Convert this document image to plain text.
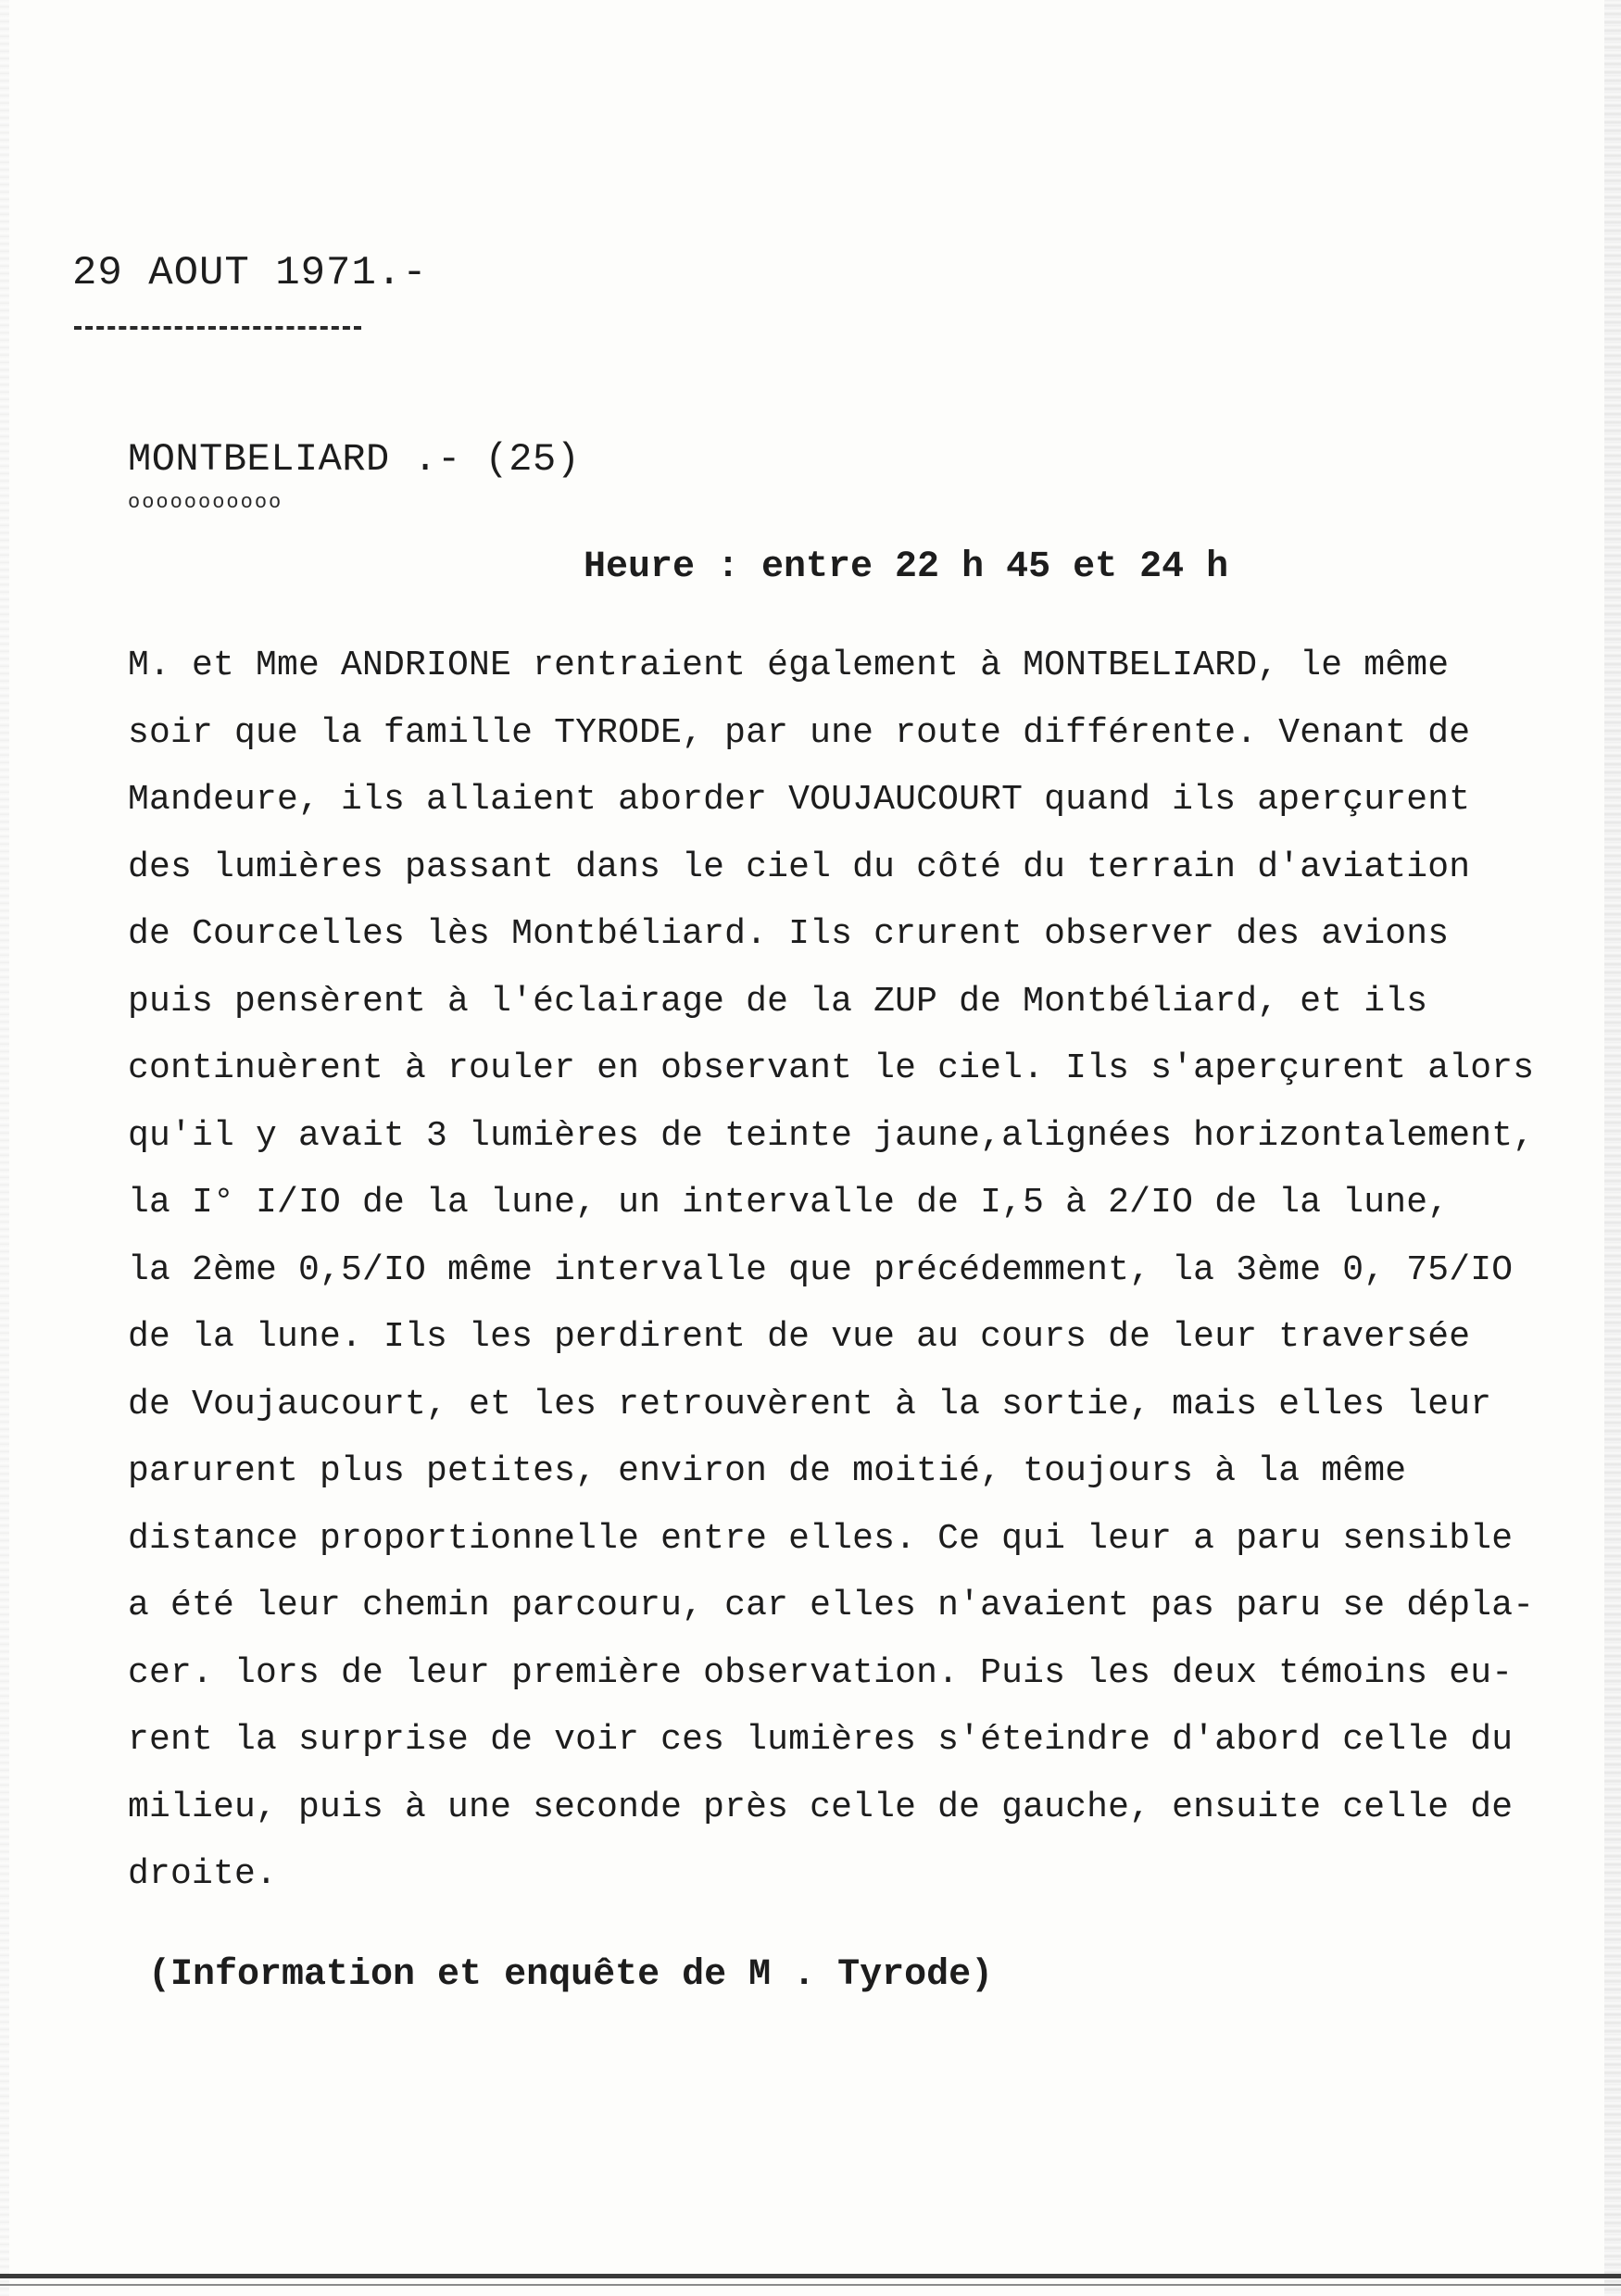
29 AOUT 1971.-
MONTBELIARD .- (25)
ooooooooooo
Heure : entre 22 h 45 et 24 h
M. et Mme ANDRIONE rentraient également à MONTBELIARD, le même
soir que la famille TYRODE, par une route différente. Venant de
Mandeure, ils allaient aborder VOUJAUCOURT quand ils aperçurent
des lumières passant dans le ciel du côté du terrain d'aviation
de Courcelles lès Montbéliard. Ils crurent observer des avions
puis pensèrent à l'éclairage de la ZUP de Montbéliard, et ils
continuèrent à rouler en observant le ciel. Ils s'aperçurent alors
qu'il y avait 3 lumières de teinte jaune,alignées horizontalement,
la I° I/IO de la lune, un intervalle de I,5 à 2/IO de la lune,
la 2ème 0,5/IO même intervalle que précédemment, la 3ème 0, 75/IO
de la lune. Ils les perdirent de vue au cours de leur traversée
de Voujaucourt, et les retrouvèrent à la sortie, mais elles leur
parurent plus petites, environ de moitié, toujours à la même
distance proportionnelle entre elles. Ce qui leur a paru sensible
a été leur chemin parcouru, car elles n'avaient pas paru se dépla-
cer. lors de leur première observation. Puis les deux témoins eu-
rent la surprise de voir ces lumières s'éteindre d'abord celle du
milieu, puis à une seconde près celle de gauche, ensuite celle de
droite.
(Information et enquête de M . Tyrode)
